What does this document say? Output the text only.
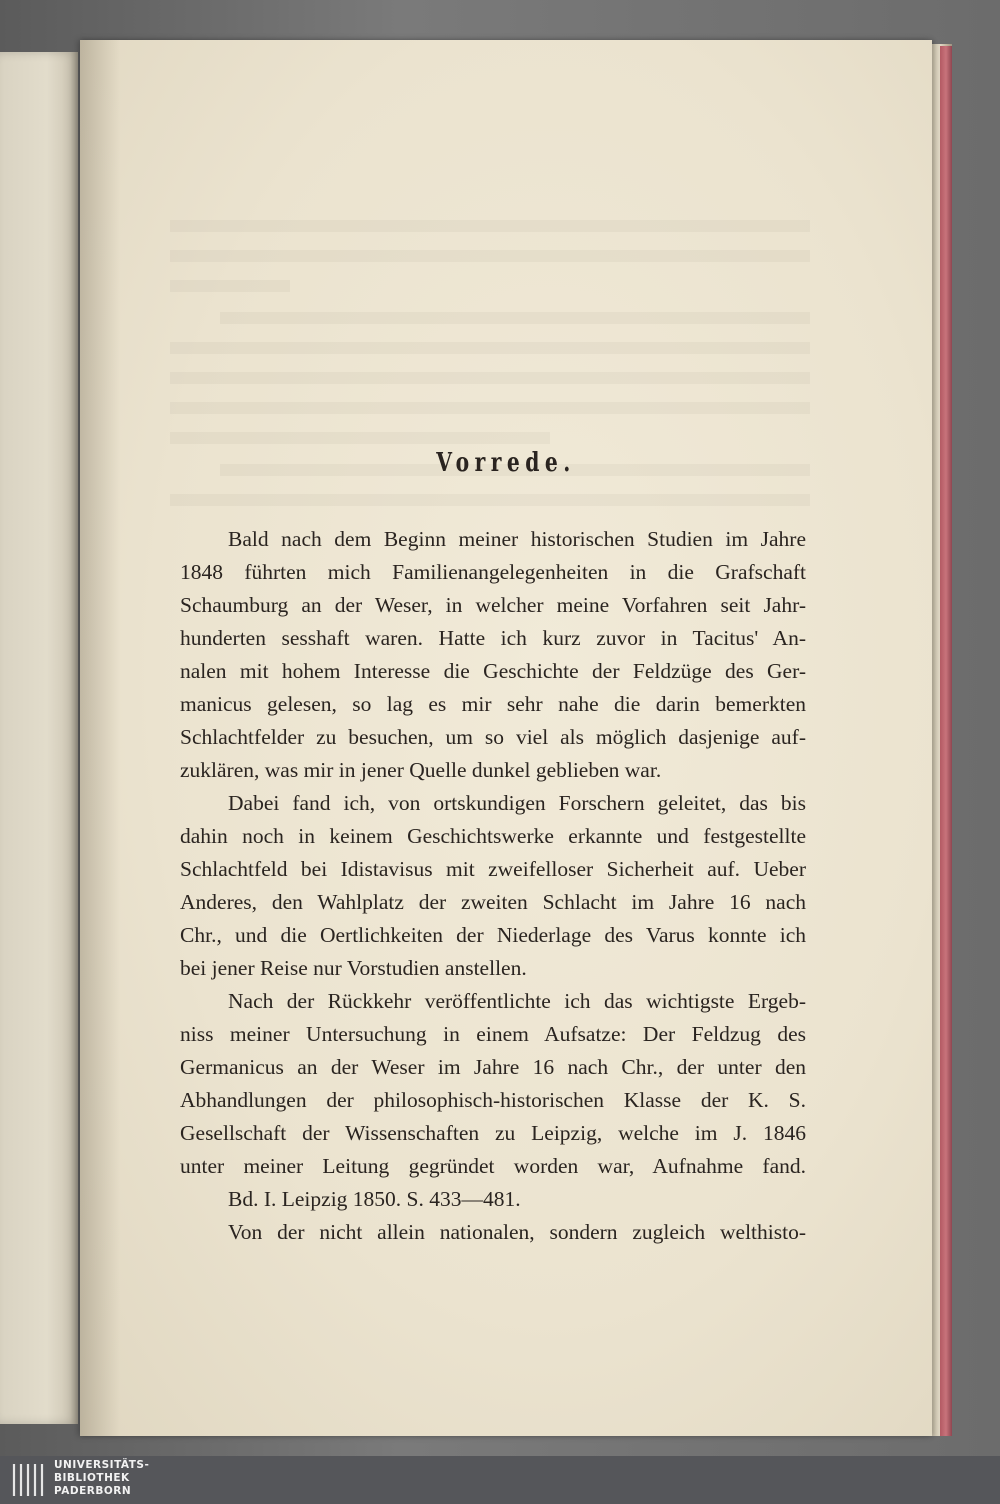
Vorrede.
Bald nach dem Beginn meiner historischen Studien im Jahre
1848 führten mich Familienangelegenheiten in die Grafschaft
Schaumburg an der Weser, in welcher meine Vorfahren seit Jahr-
hunderten sesshaft waren. Hatte ich kurz zuvor in Tacitus' An-
nalen mit hohem Interesse die Geschichte der Feldzüge des Ger-
manicus gelesen, so lag es mir sehr nahe die darin bemerkten
Schlachtfelder zu besuchen, um so viel als möglich dasjenige auf-
zuklären, was mir in jener Quelle dunkel geblieben war.
Dabei fand ich, von ortskundigen Forschern geleitet, das bis
dahin noch in keinem Geschichtswerke erkannte und festgestellte
Schlachtfeld bei Idistavisus mit zweifelloser Sicherheit auf. Ueber
Anderes, den Wahlplatz der zweiten Schlacht im Jahre 16 nach
Chr., und die Oertlichkeiten der Niederlage des Varus konnte ich
bei jener Reise nur Vorstudien anstellen.
Nach der Rückkehr veröffentlichte ich das wichtigste Ergeb-
niss meiner Untersuchung in einem Aufsatze: Der Feldzug des
Germanicus an der Weser im Jahre 16 nach Chr., der unter den
Abhandlungen der philosophisch-historischen Klasse der K. S.
Gesellschaft der Wissenschaften zu Leipzig, welche im J. 1846
unter meiner Leitung gegründet worden war, Aufnahme fand.
Bd. I. Leipzig 1850. S. 433—481.
Von der nicht allein nationalen, sondern zugleich welthisto-
UNIVERSITÄTS-
BIBLIOTHEK
PADERBORN
